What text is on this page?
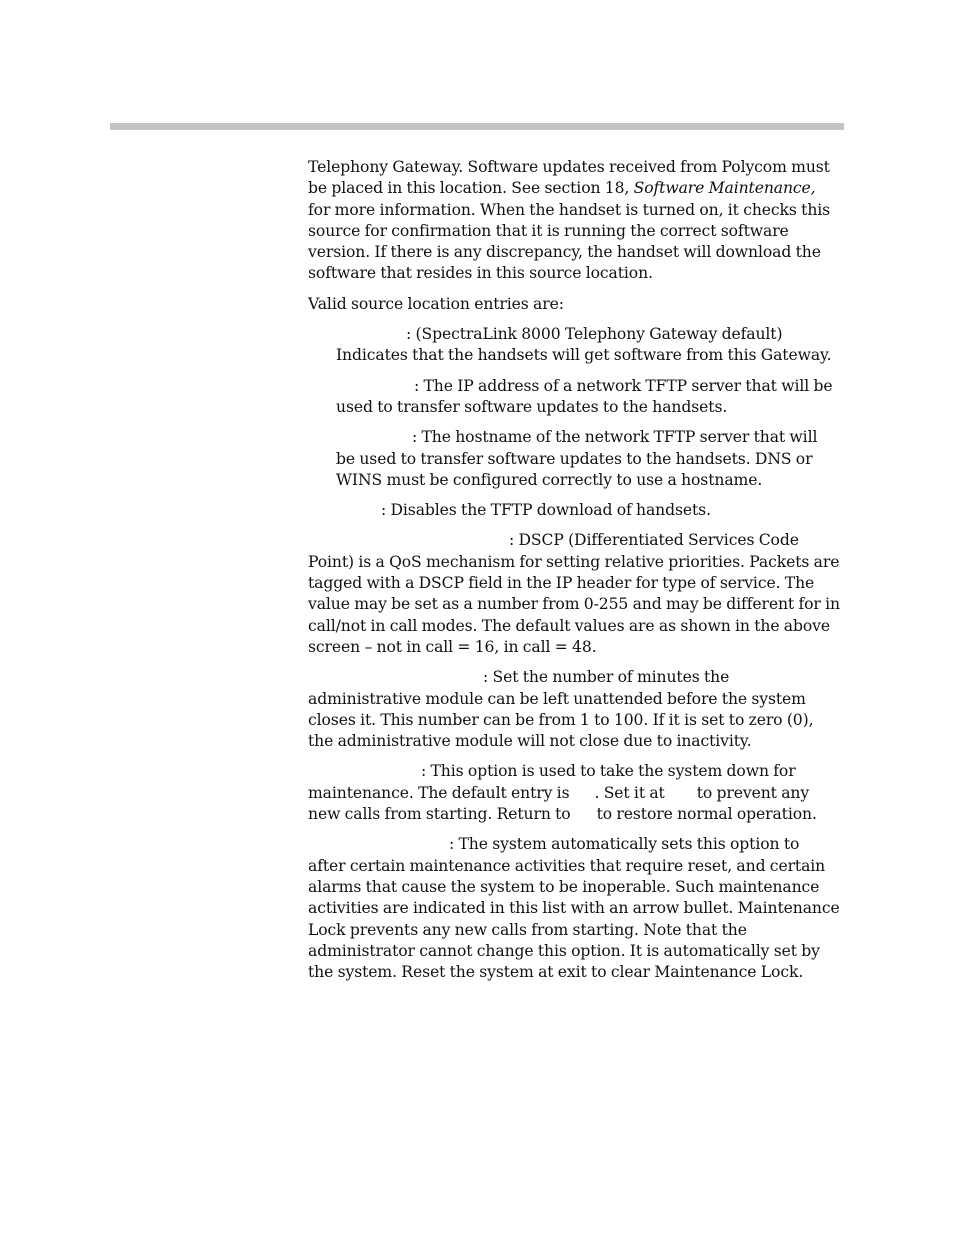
Telephony Gateway. Software updates received from Polycom must be placed in this location. See section 18, Software Maintenance, for more information. When the handset is turned on, it checks this source for confirmation that it is running the correct software version. If there is any discrepancy, the handset will download the software that resides in this source location.

Valid source location entries are:

: (SpectraLink 8000 Telephony Gateway default) Indicates that the handsets will get software from this Gateway.

: The IP address of a network TFTP server that will be used to transfer software updates to the handsets.

: The hostname of the network TFTP server that will be used to transfer software updates to the handsets. DNS or WINS must be configured correctly to use a hostname.

: Disables the TFTP download of handsets.

: DSCP (Differentiated Services Code Point) is a QoS mechanism for setting relative priorities. Packets are tagged with a DSCP field in the IP header for type of service. The value may be set as a number from 0-255 and may be different for in call/not in call modes. The default values are as shown in the above screen – not in call = 16, in call = 48.

: Set the number of minutes the administrative module can be left unattended before the system closes it. This number can be from 1 to 100. If it is set to zero (0), the administrative module will not close due to inactivity.

: This option is used to take the system down for maintenance. The default entry is . Set it at to prevent any new calls from starting. Return to to restore normal operation.

: The system automatically sets this option to
after certain maintenance activities that require reset, and certain alarms that cause the system to be inoperable. Such maintenance activities are indicated in this list with an arrow bullet. Maintenance Lock prevents any new calls from starting. Note that the administrator cannot change this option. It is automatically set by the system. Reset the system at exit to clear Maintenance Lock.
